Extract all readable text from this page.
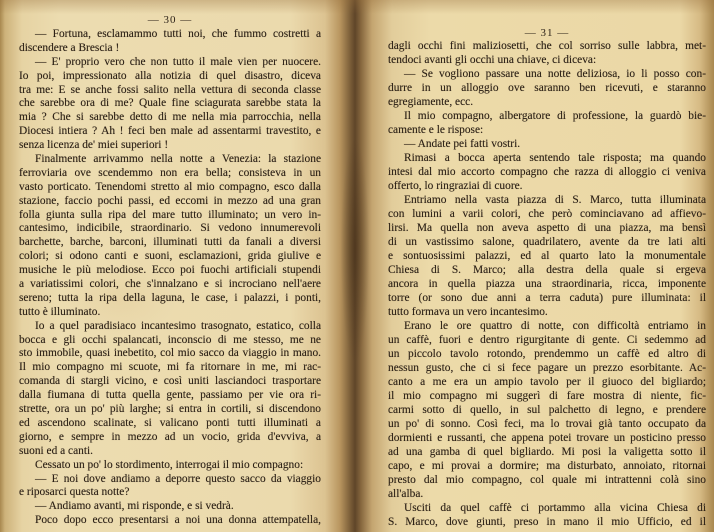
— 30 —
— Fortuna, esclamammo tutti noi, che fummo costretti a
discendere a Brescia !
— E' proprio vero che non tutto il male vien per nuocere.
Io poi, impressionato alla notizia di quel disastro, diceva
tra me: E se anche fossi salito nella vettura di seconda classe
che sarebbe ora di me? Quale fine sciagurata sarebbe stata la
mia ? Che si sarebbe detto di me nella mia parrocchia, nella
Diocesi intiera ? Ah ! feci ben male ad assentarmi travestito, e
senza licenza de' miei superiori !
Finalmente arrivammo nella notte a Venezia: la stazione
ferroviaria ove scendemmo non era bella; consisteva in un
vasto porticato. Tenendomi stretto al mio compagno, esco dalla
stazione, faccio pochi passi, ed eccomi in mezzo ad una gran
folla giunta sulla ripa del mare tutto illuminato; un vero in-
cantesimo, indicibile, straordinario. Si vedono innumerevoli
barchette, barche, barconi, illuminati tutti da fanali a diversi
colori; si odono canti e suoni, esclamazioni, grida giulive e
musiche le più melodiose. Ecco poi fuochi artificiali stupendi
a variatissimi colori, che s'innalzano e si incrociano nell'aere
sereno; tutta la ripa della laguna, le case, i palazzi, i ponti,
tutto è illuminato.
Io a quel paradisiaco incantesimo trasognato, estatico, colla
bocca e gli occhi spalancati, inconscio di me stesso, me ne
sto immobile, quasi inebetito, col mio sacco da viaggio in mano.
Il mio compagno mi scuote, mi fa ritornare in me, mi rac-
comanda di stargli vicino, e così uniti lasciandoci trasportare
dalla fiumana di tutta quella gente, passiamo per vie ora ri-
strette, ora un po' più larghe; si entra in cortili, si discendono
ed ascendono scalinate, si valicano ponti tutti illuminati a
giorno, e sempre in mezzo ad un vocio, grida d'evviva, a
suoni ed a canti.
Cessato un po' lo stordimento, interrogai il mio compagno:
— E noi dove andiamo a deporre questo sacco da viaggio
e riposarci questa notte?
— Andiamo avanti, mi risponde, e si vedrà.
Poco dopo ecco presentarsi a noi una donna attempatella,
— 31 —
dagli occhi fini maliziosetti, che col sorriso sulle labbra, met-
tendoci avanti gli occhi una chiave, ci diceva:
— Se vogliono passare una notte deliziosa, io li posso con-
durre in un alloggio ove saranno ben ricevuti, e staranno
egregiamente, ecc.
Il mio compagno, albergatore di professione, la guardò bie-
camente e le rispose:
— Andate pei fatti vostri.
Rimasi a bocca aperta sentendo tale risposta; ma quando
intesi dal mio accorto compagno che razza di alloggio ci veniva
offerto, lo ringraziai di cuore.
Entriamo nella vasta piazza di S. Marco, tutta illuminata
con lumini a varii colori, che però cominciavano ad affievo-
lirsi. Ma quella non aveva aspetto di una piazza, ma bensì
di un vastissimo salone, quadrilatero, avente da tre lati alti
e sontuosissimi palazzi, ed al quarto lato la monumentale
Chiesa di S. Marco; alla destra della quale si ergeva
ancora in quella piazza una straordinaria, ricca, imponente
torre (or sono due anni a terra caduta) pure illuminata: il
tutto formava un vero incantesimo.
Erano le ore quattro di notte, con difficoltà entriamo in
un caffè, fuori e dentro rigurgitante di gente. Ci sedemmo ad
un piccolo tavolo rotondo, prendemmo un caffè ed altro di
nessun gusto, che ci si fece pagare un prezzo esorbitante. Ac-
canto a me era un ampio tavolo per il giuoco del bigliardo;
il mio compagno mi suggerì di fare mostra di niente, fic-
carmi sotto di quello, in sul palchetto di legno, e prendere
un po' di sonno. Così feci, ma lo trovai già tanto occupato da
dormienti e russanti, che appena potei trovare un posticino presso
ad una gamba di quel bigliardo. Mi posi la valigetta sotto il
capo, e mi provai a dormire; ma disturbato, annoiato, ritornai
presto dal mio compagno, col quale mi intrattenni colà sino
all'alba.
Usciti da quel caffè ci portammo alla vicina Chiesa di
S. Marco, dove giunti, preso in mano il mio Ufficio, ed il
